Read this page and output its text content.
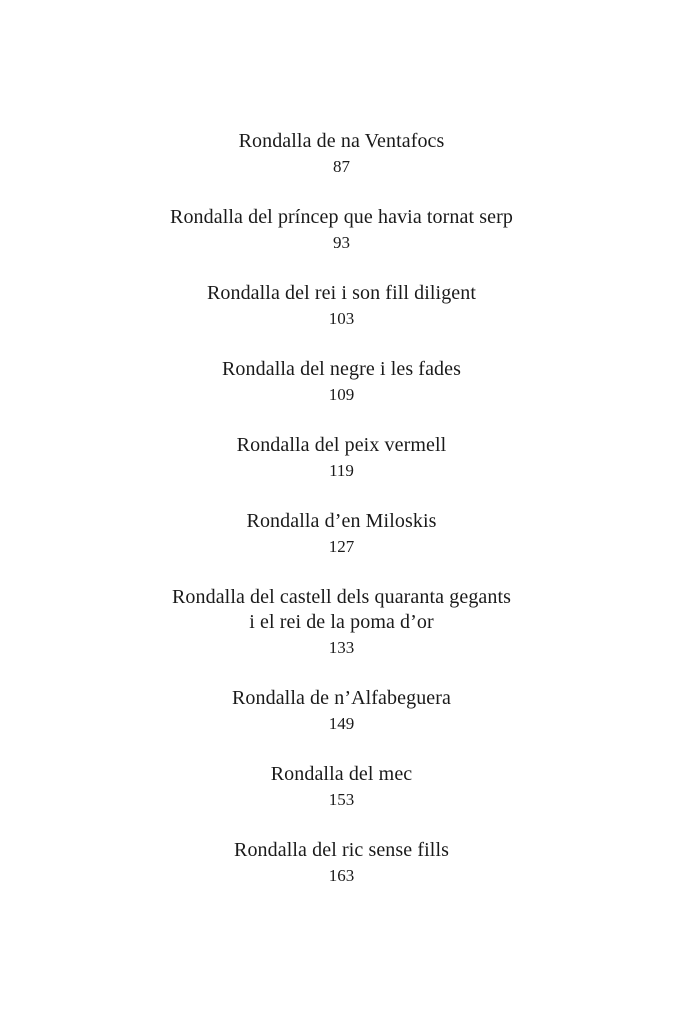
Rondalla de na Ventafocs
87
Rondalla del príncep que havia tornat serp
93
Rondalla del rei i son fill diligent
103
Rondalla del negre i les fades
109
Rondalla del peix vermell
119
Rondalla d’en Miloskis
127
Rondalla del castell dels quaranta gegants
i el rei de la poma d’or
133
Rondalla de n’Alfabeguera
149
Rondalla del mec
153
Rondalla del ric sense fills
163
